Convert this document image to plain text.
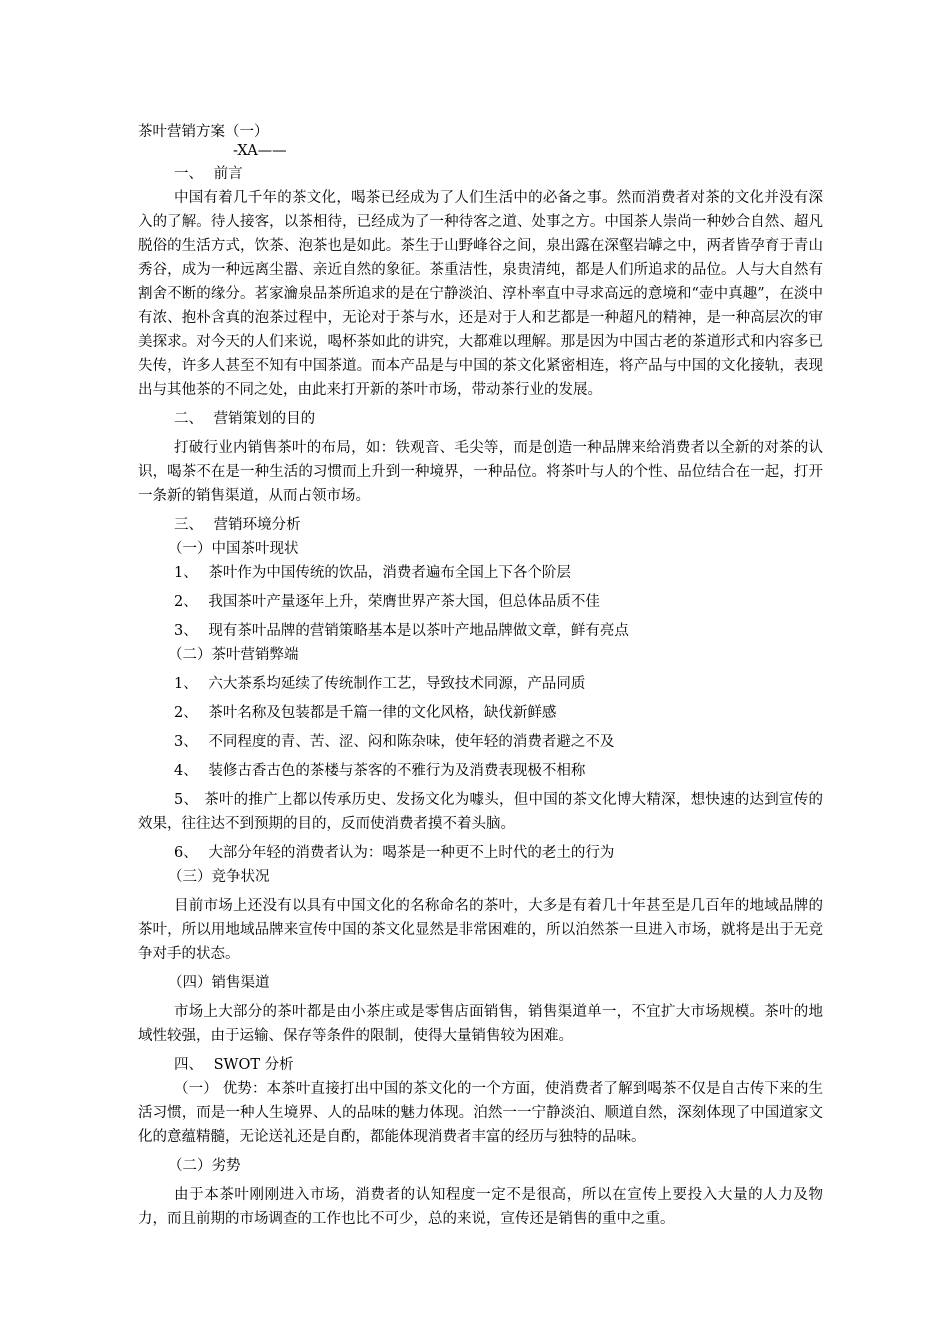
茶叶营销方案（一）
-XA——
一、 前言

中国有着几千年的茶文化，喝茶已经成为了人们生活中的必备之事。然而消费者对茶的文化并没有深入的了解。待人接客，以茶相待，已经成为了一种待客之道、处事之方。中国茶人崇尚一种妙合自然、超凡脱俗的生活方式，饮茶、泡茶也是如此。茶生于山野峰谷之间，泉出露在深壑岩罅之中，两者皆孕育于青山秀谷，成为一种远离尘嚣、亲近自然的象征。茶重洁性，泉贵清纯，都是人们所追求的品位。人与大自然有割舍不断的缘分。茗家瀹泉品茶所追求的是在宁静淡泊、淳朴率直中寻求高远的意境和“壶中真趣”，在淡中有浓、抱朴含真的泡茶过程中，无论对于茶与水，还是对于人和艺都是一种超凡的精神，是一种高层次的审美探求。对今天的人们来说，喝杯茶如此的讲究，大都难以理解。那是因为中国古老的茶道形式和内容多已失传，许多人甚至不知有中国茶道。而本产品是与中国的茶文化紧密相连，将产品与中国的文化接轨，表现出与其他茶的不同之处，由此来打开新的茶叶市场，带动茶行业的发展。

二、 营销策划的目的

打破行业内销售茶叶的布局，如：铁观音、毛尖等，而是创造一种品牌来给消费者以全新的对茶的认识，喝茶不在是一种生活的习惯而上升到一种境界，一种品位。将茶叶与人的个性、品位结合在一起，打开一条新的销售渠道，从而占领市场。

三、 营销环境分析
（一）中国茶叶现状
1、 茶叶作为中国传统的饮品，消费者遍布全国上下各个阶层
2、 我国茶叶产量逐年上升，荣膺世界产茶大国，但总体品质不佳
3、 现有茶叶品牌的营销策略基本是以茶叶产地品牌做文章，鲜有亮点
（二）茶叶营销弊端
1、 六大茶系均延续了传统制作工艺，导致技术同源，产品同质
2、 茶叶名称及包装都是千篇一律的文化风格，缺伐新鲜感
3、 不同程度的青、苦、涩、闷和陈杂味，使年轻的消费者避之不及
4、 装修古香古色的茶楼与茶客的不雅行为及消费表现极不相称

5、 茶叶的推广上都以传承历史、发扬文化为噱头，但中国的茶文化博大精深，想快速的达到宣传的效果，往往达不到预期的目的，反而使消费者摸不着头脑。

6、 大部分年轻的消费者认为：喝茶是一种更不上时代的老土的行为
（三）竞争状况

目前市场上还没有以具有中国文化的名称命名的茶叶，大多是有着几十年甚至是几百年的地域品牌的茶叶，所以用地域品牌来宣传中国的茶文化显然是非常困难的，所以泊然茶一旦进入市场，就将是出于无竞争对手的状态。

（四）销售渠道

市场上大部分的茶叶都是由小茶庄或是零售店面销售，销售渠道单一，不宜扩大市场规模。茶叶的地域性较强，由于运输、保存等条件的限制，使得大量销售较为困难。

四、 SWOT 分析

（一） 优势：本茶叶直接打出中国的茶文化的一个方面，使消费者了解到喝茶不仅是自古传下来的生活习惯，而是一种人生境界、人的品味的魅力体现。泊然一一宁静淡泊、顺道自然，深刻体现了中国道家文化的意蕴精髓，无论送礼还是自酌，都能体现消费者丰富的经历与独特的品味。

（二）劣势

由于本茶叶刚刚进入市场，消费者的认知程度一定不是很高，所以在宣传上要投入大量的人力及物力，而且前期的市场调查的工作也比不可少，总的来说，宣传还是销售的重中之重。
